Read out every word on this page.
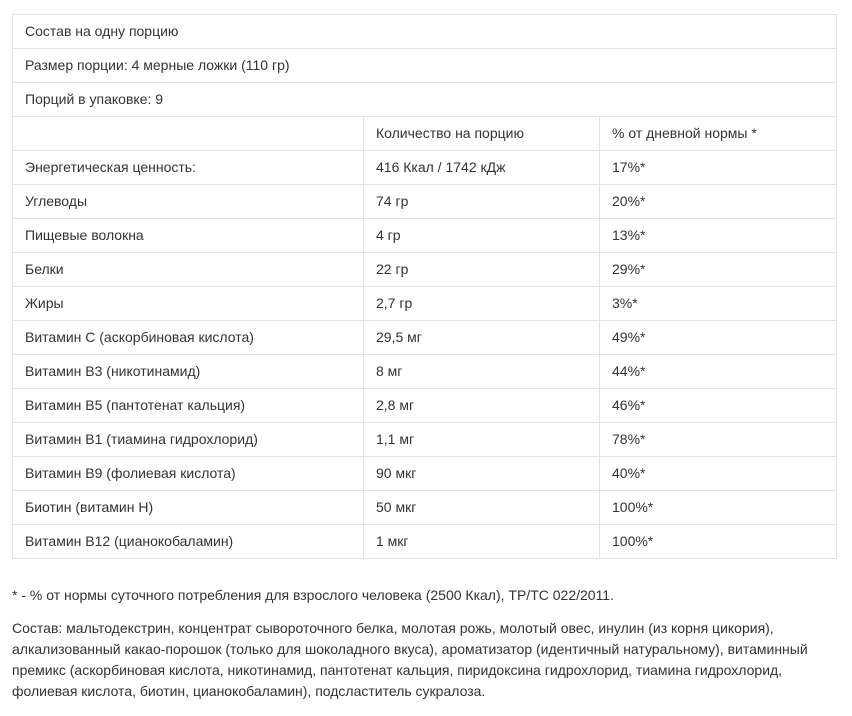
Состав на одну порцию		
Размер порции: 4 мерные ложки (110 гр)		
Порций в упаковке: 9		
	Количество на порцию	% от дневной нормы *
Энергетическая ценность:	416 Ккал / 1742 кДж	17%*
Углеводы	74 гр	20%*
Пищевые волокна	4 гр	13%*
Белки	22 гр	29%*
Жиры	2,7 гр	3%*
Витамин С (аскорбиновая кислота)	29,5 мг	49%*
Витамин В3 (никотинамид)	8 мг	44%*
Витамин В5 (пантотенат кальция)	2,8 мг	46%*
Витамин В1 (тиамина гидрохлорид)	1,1 мг	78%*
Витамин В9 (фолиевая кислота)	90 мкг	40%*
Биотин (витамин Н)	50 мкг	100%*
Витамин В12 (цианокобаламин)	1 мкг	100%*

* - % от нормы суточного потребления для взрослого человека (2500 Ккал), ТР/ТС 022/2011.

Состав: мальтодекстрин, концентрат сывороточного белка, молотая рожь, молотый овес, инулин (из корня цикория), алкализованный какао-порошок (только для шоколадного вкуса), ароматизатор (идентичный натуральному), витаминный премикс (аскорбиновая кислота, никотинамид, пантотенат кальция, пиридоксина гидрохлорид, тиамина гидрохлорид, фолиевая кислота, биотин, цианокобаламин), подсластитель сукралоза.
